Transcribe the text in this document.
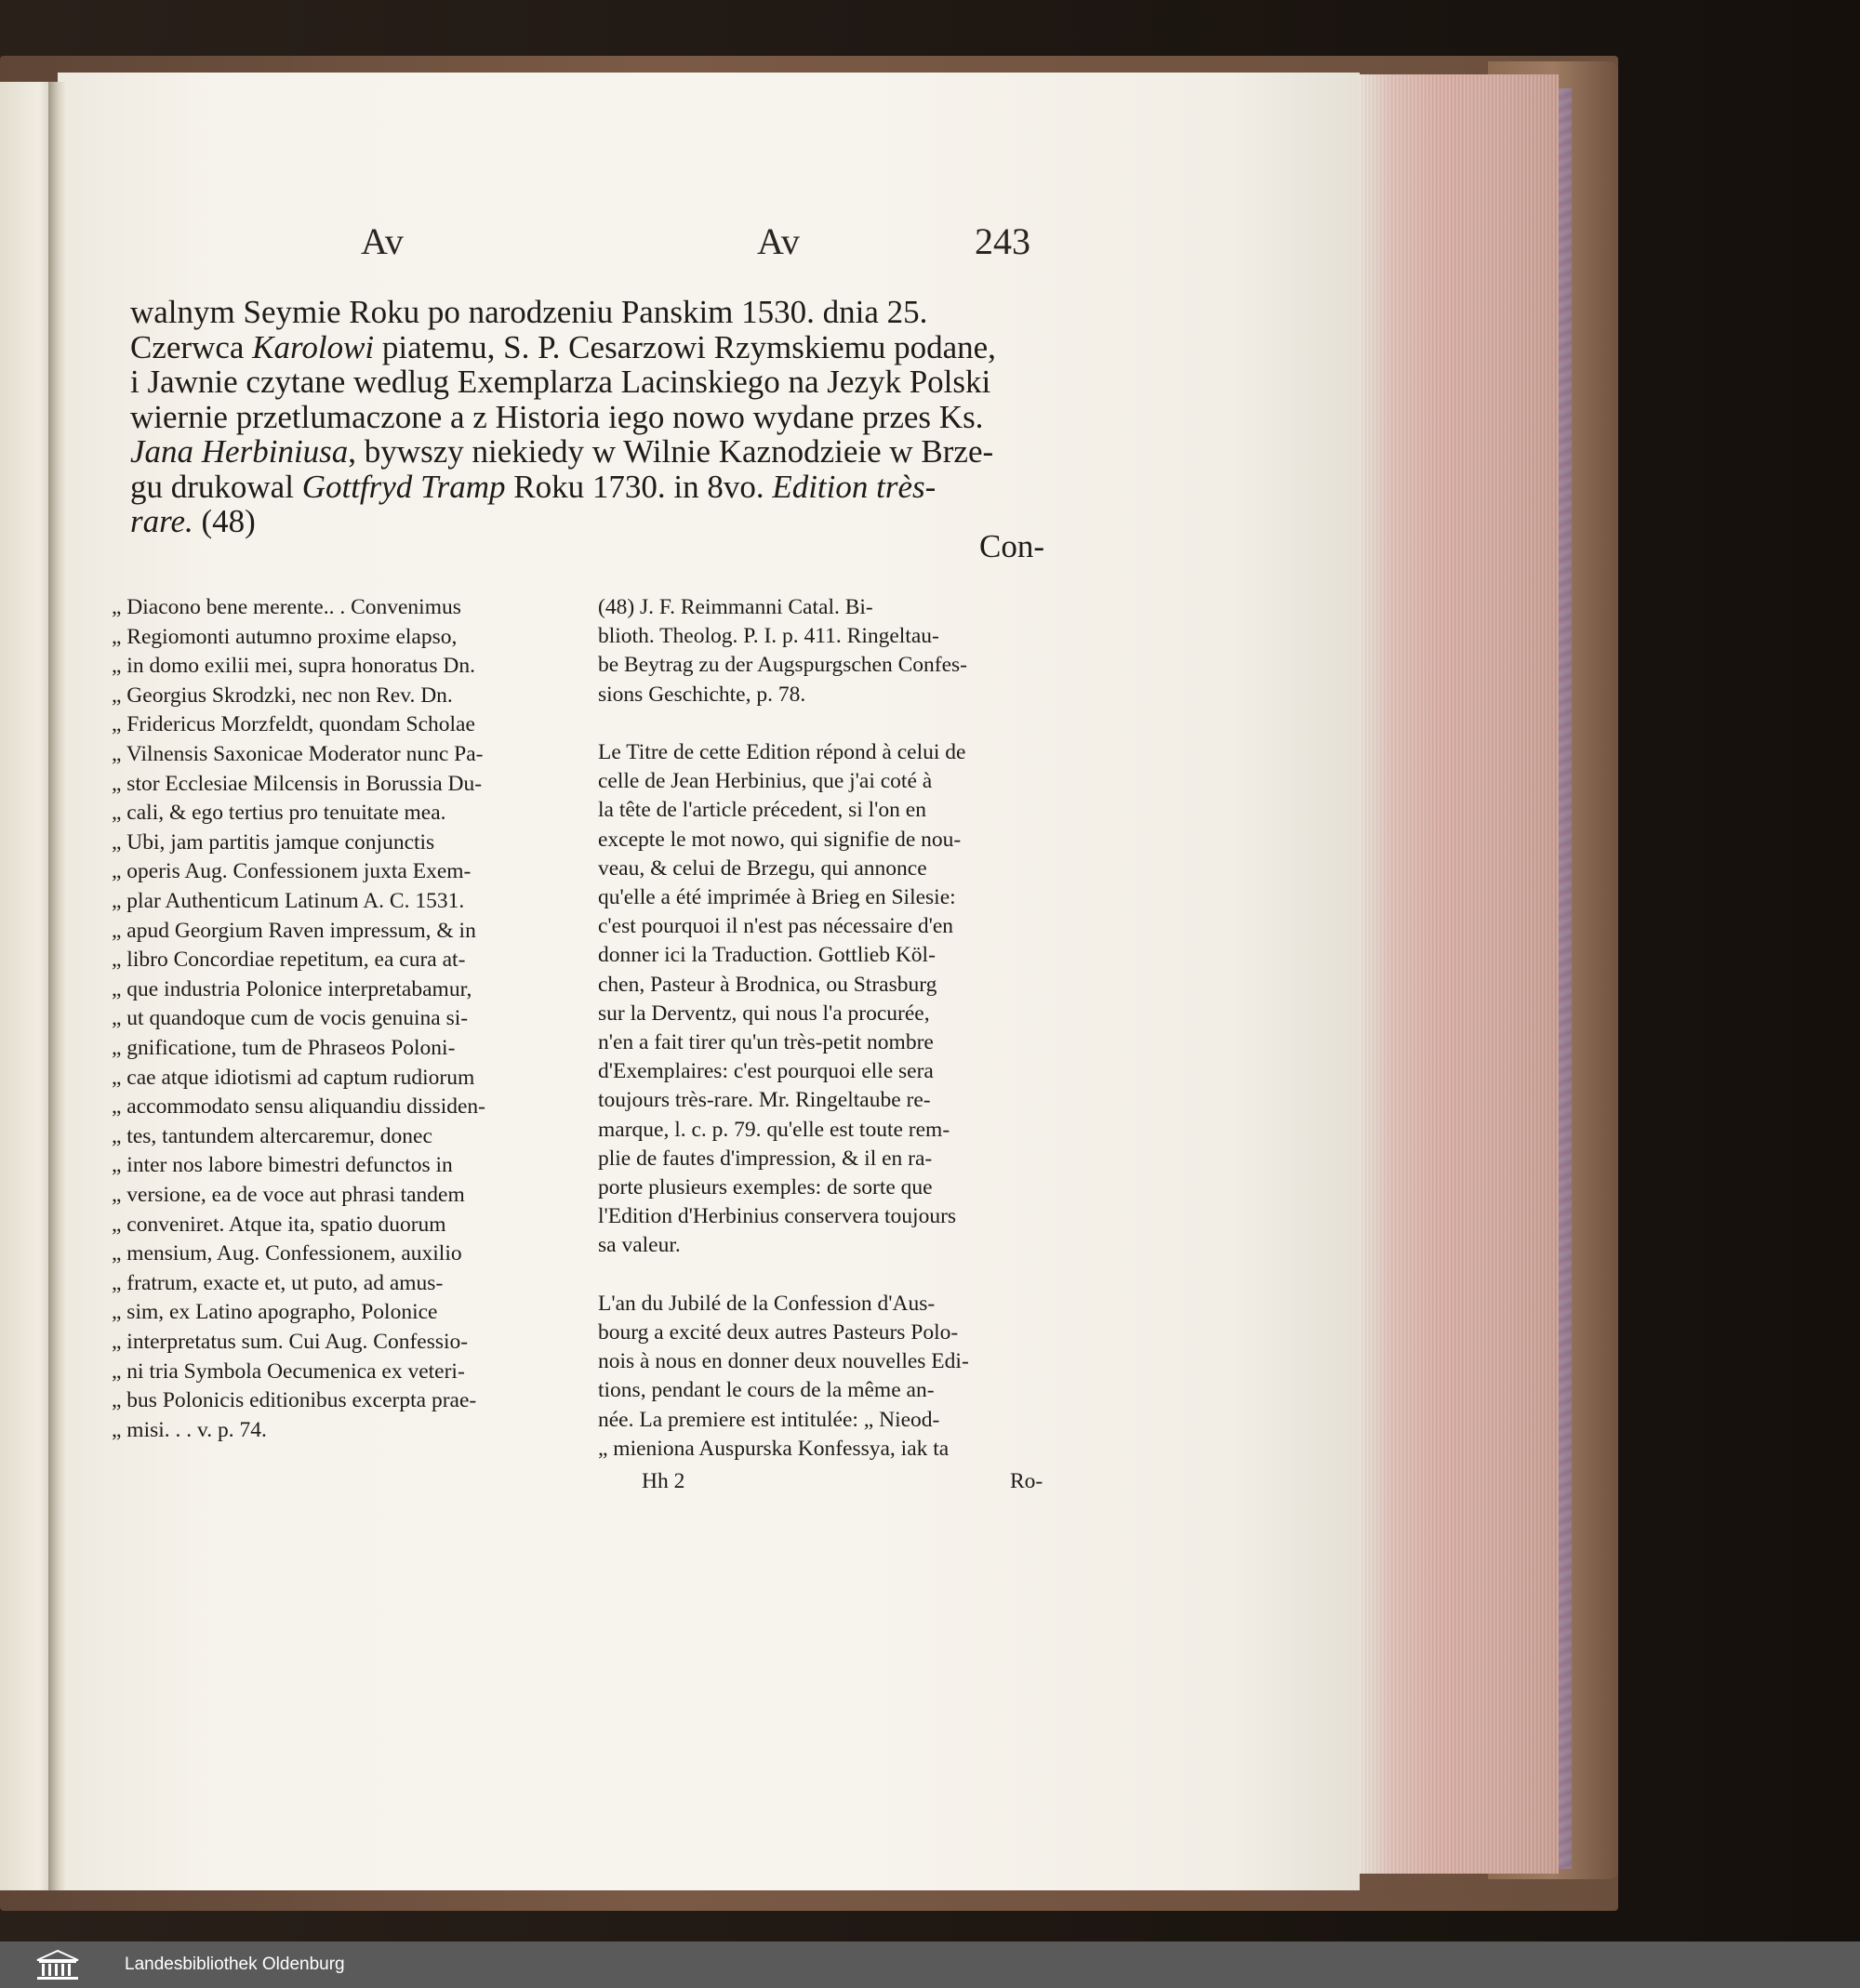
Av	Av	243
walnym Seymie Roku po narodzeniu Panskim 1530. dnia 25.
Czerwca Karolowi piatemu, S. P. Cesarzowi Rzymskiemu podane,
i Jawnie czytane wedlug Exemplarza Lacinskiego na Jezyk Polski
wiernie przetlumaczone a z Historia iego nowo wydane przes Ks.
Jana Herbiniusa, bywszy niekiedy w Wilnie Kaznodzieie w Brze-
gu drukowal Gottfryd Tramp Roku 1730. in 8vo. Edition très-
rare. (48)
Con-
„ Diacono bene merente.. . Convenimus
„ Regiomonti autumno proxime elapso,
„ in domo exilii mei, supra honoratus Dn.
„ Georgius Skrodzki, nec non Rev. Dn.
„ Fridericus Morzfeldt, quondam Scholae
„ Vilnensis Saxonicae Moderator nunc Pa-
„ stor Ecclesiae Milcensis in Borussia Du-
„ cali, & ego tertius pro tenuitate mea.
„ Ubi, jam partitis jamque conjunctis
„ operis Aug. Confessionem juxta Exem-
„ plar Authenticum Latinum A. C. 1531.
„ apud Georgium Raven impressum, & in
„ libro Concordiae repetitum, ea cura at-
„ que industria Polonice interpretabamur,
„ ut quandoque cum de vocis genuina si-
„ gnificatione, tum de Phraseos Poloni-
„ cae atque idiotismi ad captum rudiorum
„ accommodato sensu aliquandiu dissiden-
„ tes, tantundem altercaremur, donec
„ inter nos labore bimestri defunctos in
„ versione, ea de voce aut phrasi tandem
„ conveniret. Atque ita, spatio duorum
„ mensium, Aug. Confessionem, auxilio
„ fratrum, exacte et, ut puto, ad amus-
„ sim, ex Latino apographo, Polonice
„ interpretatus sum. Cui Aug. Confessio-
„ ni tria Symbola Oecumenica ex veteri-
„ bus Polonicis editionibus excerpta prae-
„ misi. . . v. p. 74.
(48) J. F. Reimmanni Catal. Bi-
blioth. Theolog. P. I. p. 411. Ringeltau-
be Beytrag zu der Augspurgschen Confes-
sions Geschichte, p. 78.
Le Titre de cette Edition répond à celui de
celle de Jean Herbinius, que j'ai coté à
la tête de l'article précedent, si l'on en
excepte le mot nowo, qui signifie de nou-
veau, & celui de Brzegu, qui annonce
qu'elle a été imprimée à Brieg en Silesie:
c'est pourquoi il n'est pas nécessaire d'en
donner ici la Traduction. Gottlieb Köl-
chen, Pasteur à Brodnica, ou Strasburg
sur la Derventz, qui nous l'a procurée,
n'en a fait tirer qu'un très-petit nombre
d'Exemplaires: c'est pourquoi elle sera
toujours très-rare. Mr. Ringeltaube re-
marque, l. c. p. 79. qu'elle est toute rem-
plie de fautes d'impression, & il en ra-
porte plusieurs exemples: de sorte que
l'Edition d'Herbinius conservera toujours
sa valeur.
L'an du Jubilé de la Confession d'Aus-
bourg a excité deux autres Pasteurs Polo-
nois à nous en donner deux nouvelles Edi-
tions, pendant le cours de la même an-
née. La premiere est intitulée: „ Nieod-
„ mieniona Auspurska Konfessya, iak ta
Hh 2	Ro-
Landesbibliothek Oldenburg
